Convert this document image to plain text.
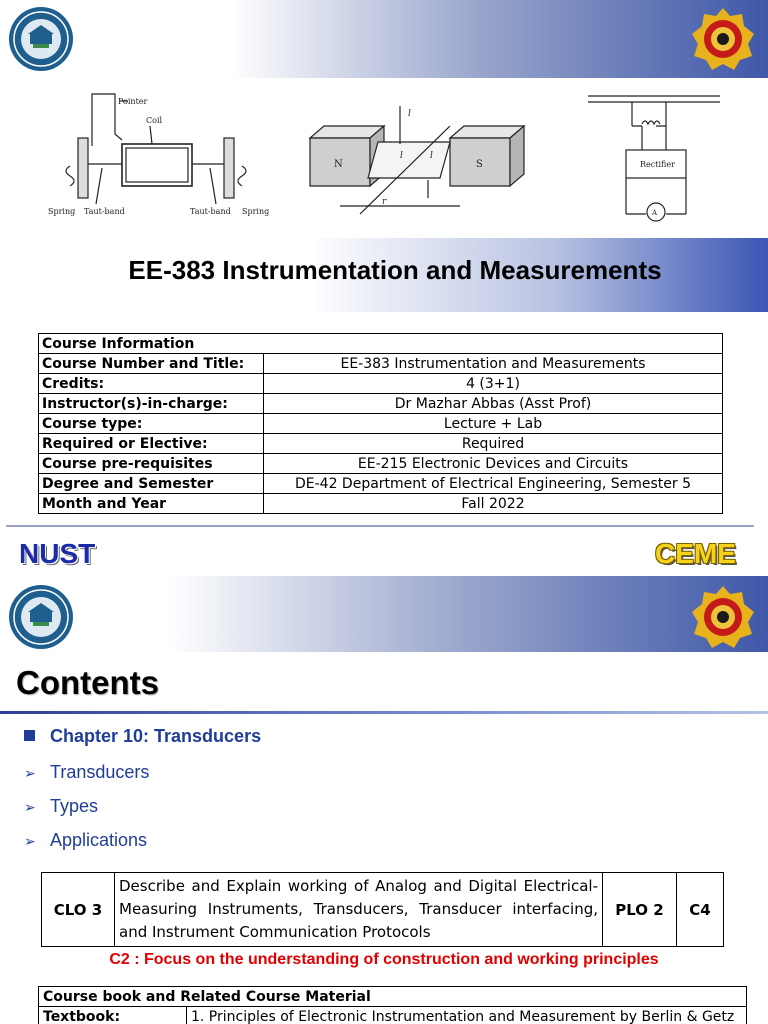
Pointer
Coil
Spring Taut-band	Taut-band Spring
N	S
l
l	l
r
Rectifier
A
EE-383 Instrumentation and Measurements
Course Information	
Course Number and Title:	EE-383 Instrumentation and Measurements
Credits:	4 (3+1)
Instructor(s)-in-charge:	Dr Mazhar Abbas (Asst Prof)
Course type:	Lecture + Lab
Required or Elective:	Required
Course pre-requisites	EE-215 Electronic Devices and Circuits
Degree and Semester	DE-42 Department of Electrical Engineering, Semester 5
Month and Year	Fall 2022
NUST	CEME
Contents
Chapter 10: Transducers
➢ Transducers
➢ Types
➢ Applications
CLO 3	Describe and Explain working of Analog and Digital Electrical-Measuring Instruments, Transducers, Transducer interfacing, and Instrument Communication Protocols	PLO 2	C4
C2 : Focus on the understanding of construction and working principles
Course book and Related Course Material
Textbook:	1. Principles of Electronic Instrumentation and Measurement by Berlin & Getz
